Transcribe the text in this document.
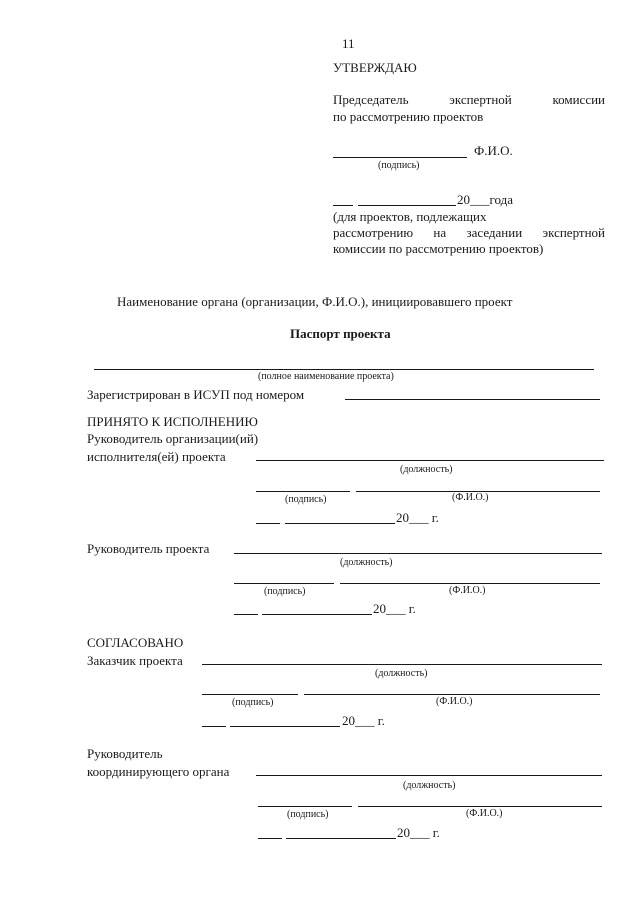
11
УТВЕРЖДАЮ
Председатель	экспертной	комиссии
по рассмотрению проектов
Ф.И.О.
(подпись)
20___года
(для проектов, подлежащих
рассмотрению на заседании экспертной
комиссии по рассмотрению проектов)
Наименование органа (организации, Ф.И.О.), инициировавшего проект
Паспорт проекта
(полное наименование проекта)
Зарегистрирован в ИСУП под номером
ПРИНЯТО К ИСПОЛНЕНИЮ
Руководитель организации(ий)
исполнителя(ей) проекта
(должность)
(подпись)	(Ф.И.О.)
20___ г.
Руководитель проекта
(должность)
(подпись)	(Ф.И.О.)
20___ г.
СОГЛАСОВАНО
Заказчик проекта
(должность)
(подпись)	(Ф.И.О.)
20___ г.
Руководитель
координирующего органа
(должность)
(подпись)	(Ф.И.О.)
20___ г.
